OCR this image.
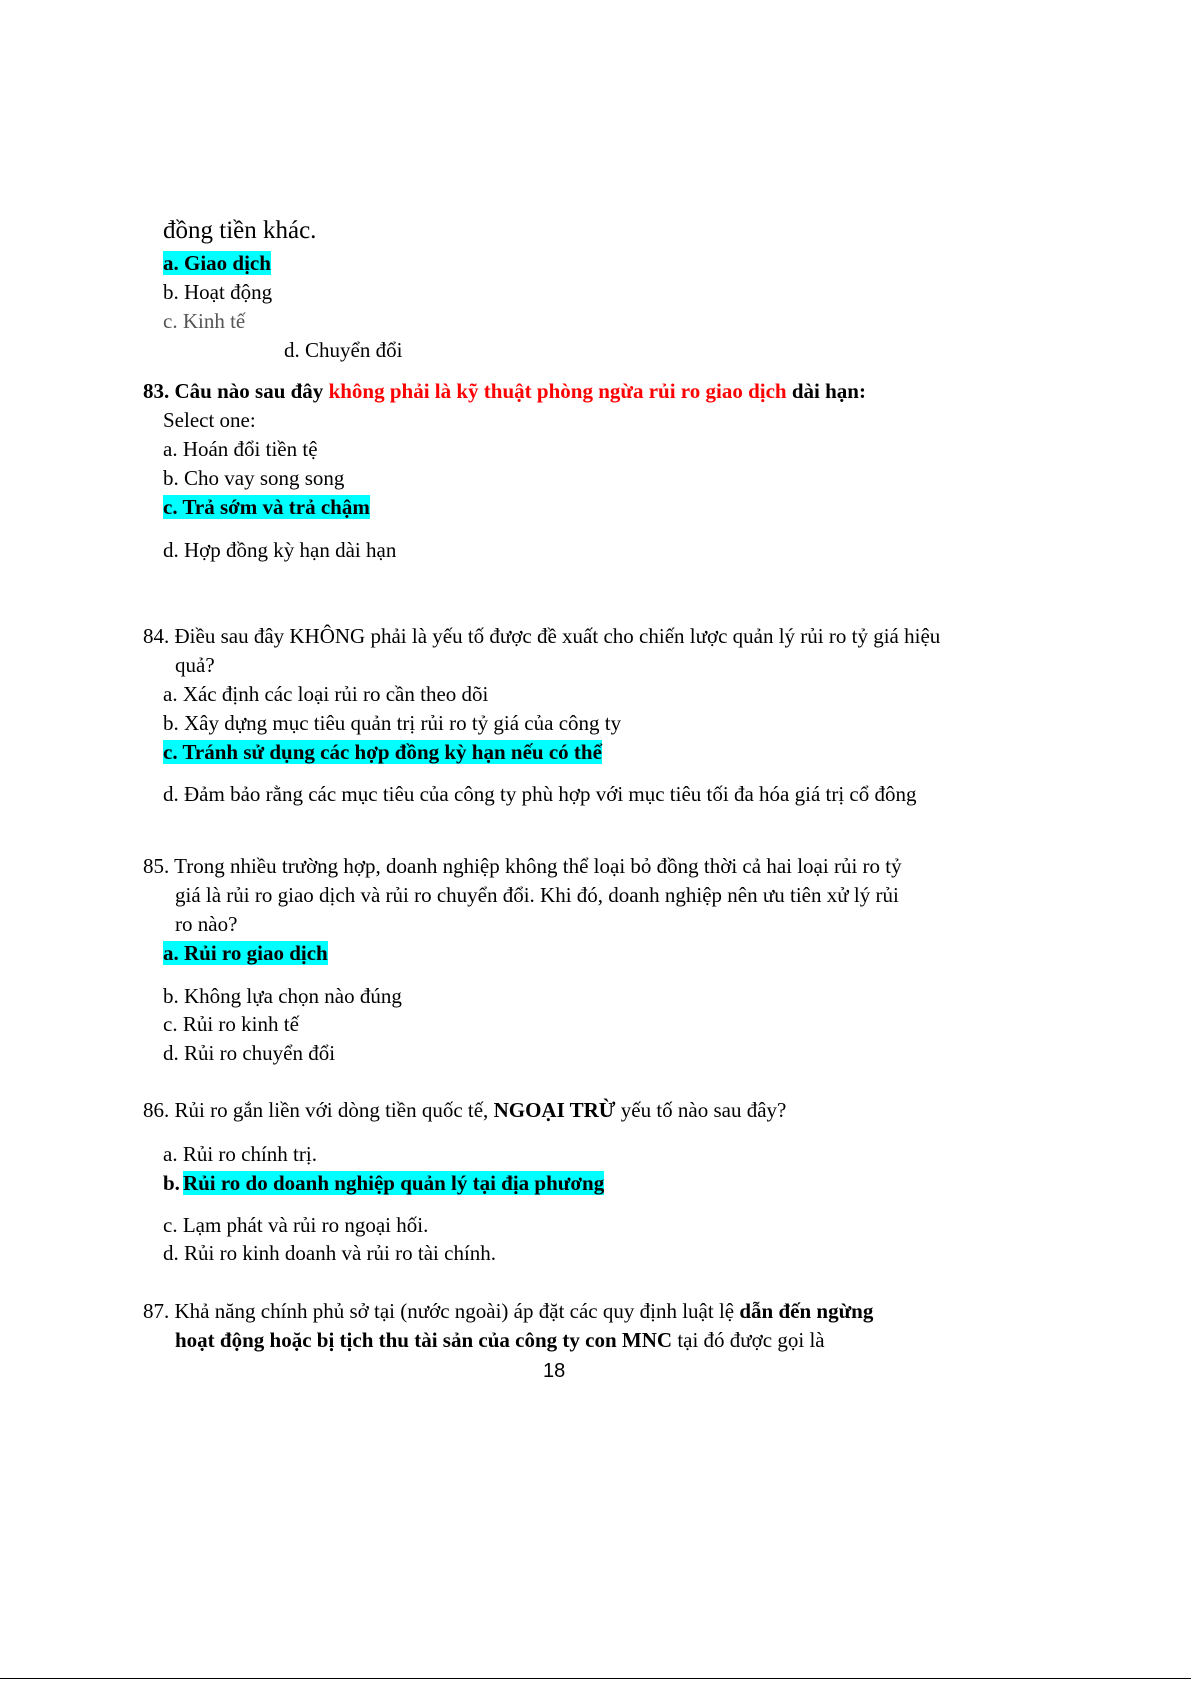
đồng tiền khác.
a. Giao dịch
b. Hoạt động
c. Kinh tế
d. Chuyển đổi
83. Câu nào sau đây không phải là kỹ thuật phòng ngừa rủi ro giao dịch dài hạn:
Select one:
a. Hoán đổi tiền tệ
b. Cho vay song song
c. Trả sớm và trả chậm
d. Hợp đồng kỳ hạn dài hạn
84. Điều sau đây KHÔNG phải là yếu tố được đề xuất cho chiến lược quản lý rủi ro tỷ giá hiệu
quả?
a. Xác định các loại rủi ro cần theo dõi
b. Xây dựng mục tiêu quản trị rủi ro tỷ giá của công ty
c. Tránh sử dụng các hợp đồng kỳ hạn nếu có thể
d. Đảm bảo rằng các mục tiêu của công ty phù hợp với mục tiêu tối đa hóa giá trị cổ đông
85. Trong nhiều trường hợp, doanh nghiệp không thể loại bỏ đồng thời cả hai loại rủi ro tỷ
giá là rủi ro giao dịch và rủi ro chuyển đổi. Khi đó, doanh nghiệp nên ưu tiên xử lý rủi
ro nào?
a. Rủi ro giao dịch
b. Không lựa chọn nào đúng
c. Rủi ro kinh tế
d. Rủi ro chuyển đổi
86. Rủi ro gắn liền với dòng tiền quốc tế, NGOẠI TRỪ yếu tố nào sau đây?
a. Rủi ro chính trị.
b. Rủi ro do doanh nghiệp quản lý tại địa phương
c. Lạm phát và rủi ro ngoại hối.
d. Rủi ro kinh doanh và rủi ro tài chính.
87. Khả năng chính phủ sở tại (nước ngoài) áp đặt các quy định luật lệ dẫn đến ngừng
hoạt động hoặc bị tịch thu tài sản của công ty con MNC tại đó được gọi là
18
